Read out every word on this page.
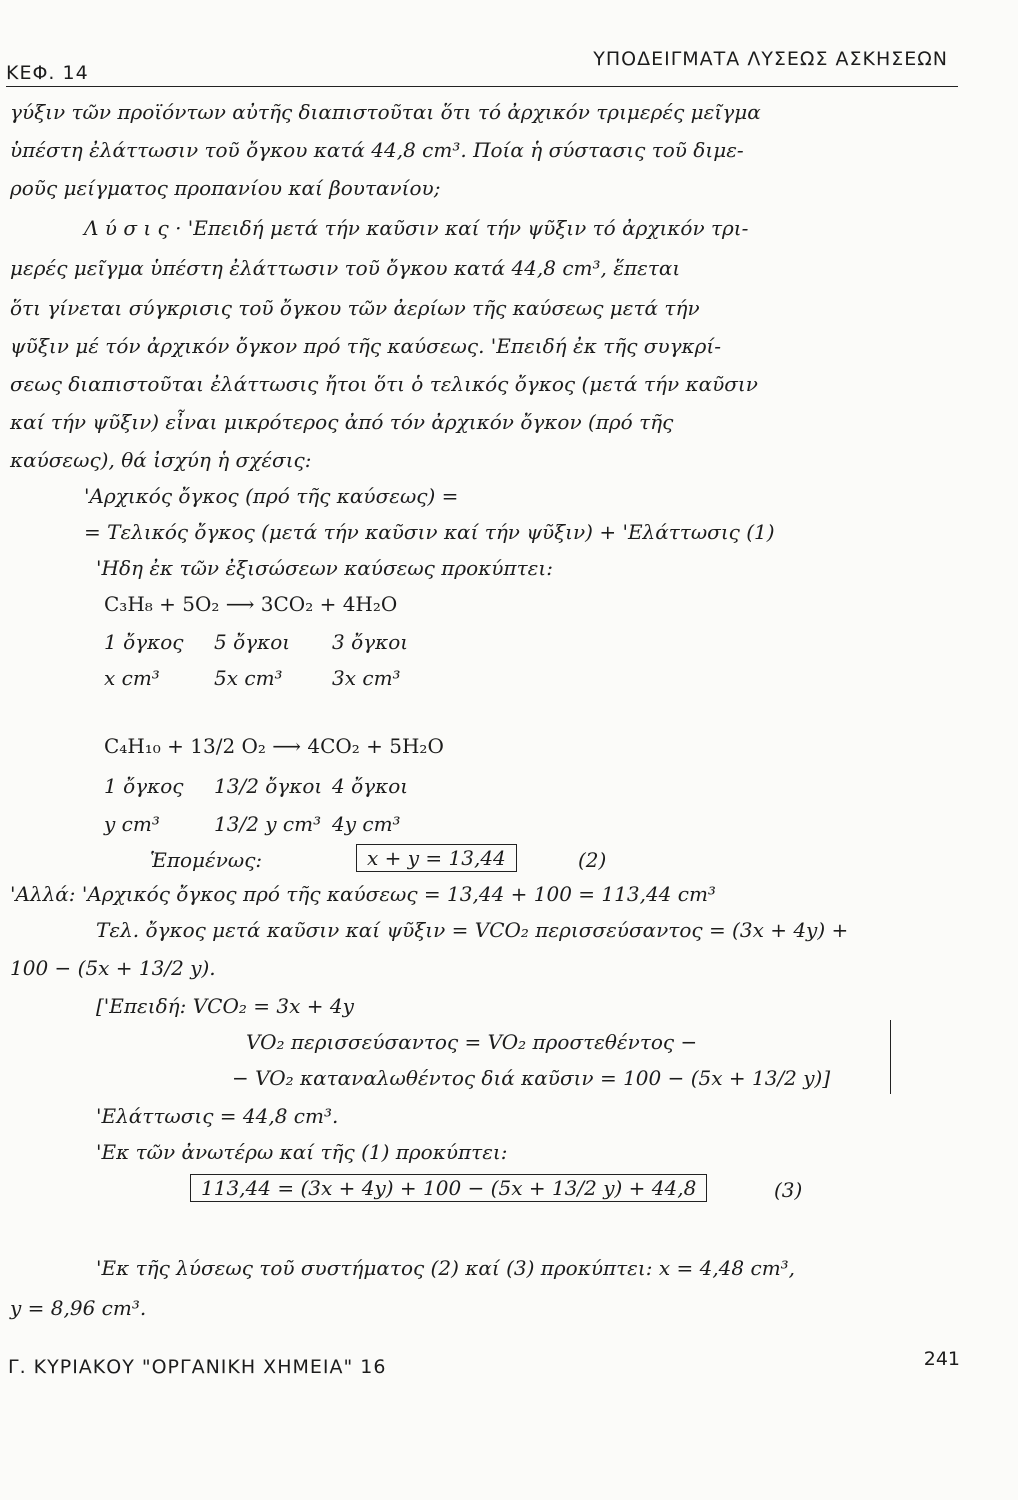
ΚΕΦ. 14
ΥΠΟΔΕΙΓΜΑΤΑ ΛΥΣΕΩΣ ΑΣΚΗΣΕΩΝ
γύξιν τῶν προϊόντων αὐτῆς διαπιστοῦται ὅτι τό ἀρχικόν τριμερές μεῖγμα
ὑπέστη ἐλάττωσιν τοῦ ὄγκου κατά 44,8 cm³. Ποία ἡ σύστασις τοῦ διμε-
ροῦς μείγματος προπανίου καί βουτανίου;
Λ ύ σ ι ς · 'Επειδή μετά τήν καῦσιν καί τήν ψῦξιν τό ἀρχικόν τρι-
μερές μεῖγμα ὑπέστη ἐλάττωσιν τοῦ ὄγκου κατά 44,8 cm³, ἕπεται
ὅτι γίνεται σύγκρισις τοῦ ὄγκου τῶν ἀερίων τῆς καύσεως μετά τήν
ψῦξιν μέ τόν ἀρχικόν ὄγκον πρό τῆς καύσεως. 'Επειδή ἐκ τῆς συγκρί-
σεως διαπιστοῦται ἐλάττωσις ἤτοι ὅτι ὁ τελικός ὄγκος (μετά τήν καῦσιν
καί τήν ψῦξιν) εἶναι μικρότερος ἀπό τόν ἀρχικόν ὄγκον (πρό τῆς
καύσεως), θά ἰσχύη ἡ σχέσις:
'Αρχικός ὄγκος (πρό τῆς καύσεως) =
= Τελικός ὄγκος (μετά τήν καῦσιν καί τήν ψῦξιν) + 'Ελάττωσις (1)
'Ηδη ἐκ τῶν ἐξισώσεων καύσεως προκύπτει:
C₃H₈ + 5O₂ ⟶ 3CO₂ + 4H₂O
1 ὄγκος 5 ὄγκοι 3 ὄγκοι
x cm³	5x cm³ 3x cm³
C₄H₁₀ + 13/2 O₂ ⟶ 4CO₂ + 5H₂O
1 ὄγκος 13/2 ὄγκοι 4 ὄγκοι
y cm³	13/2 y cm³ 4y cm³
Ἑπομένως:	x + y = 13,44	(2)
'Αλλά: 'Αρχικός ὄγκος πρό τῆς καύσεως = 13,44 + 100 = 113,44 cm³
Τελ. ὄγκος μετά καῦσιν καί ψῦξιν = VCO₂ περισσεύσαντος = (3x + 4y) +
100 − (5x + 13/2 y).
['Επειδή: VCO₂ = 3x + 4y
VO₂ περισσεύσαντος = VO₂ προστεθέντος −
− VO₂ καταναλωθέντος διά καῦσιν = 100 − (5x + 13/2 y)]
'Ελάττωσις = 44,8 cm³.
'Εκ τῶν ἀνωτέρω καί τῆς (1) προκύπτει:
113,44 = (3x + 4y) + 100 − (5x + 13/2 y) + 44,8	(3)
'Εκ τῆς λύσεως τοῦ συστήματος (2) καί (3) προκύπτει: x = 4,48 cm³,
y = 8,96 cm³.
Γ. ΚΥΡΙΑΚΟΥ "ΟΡΓΑΝΙΚΗ ΧΗΜΕΙΑ" 16	241
